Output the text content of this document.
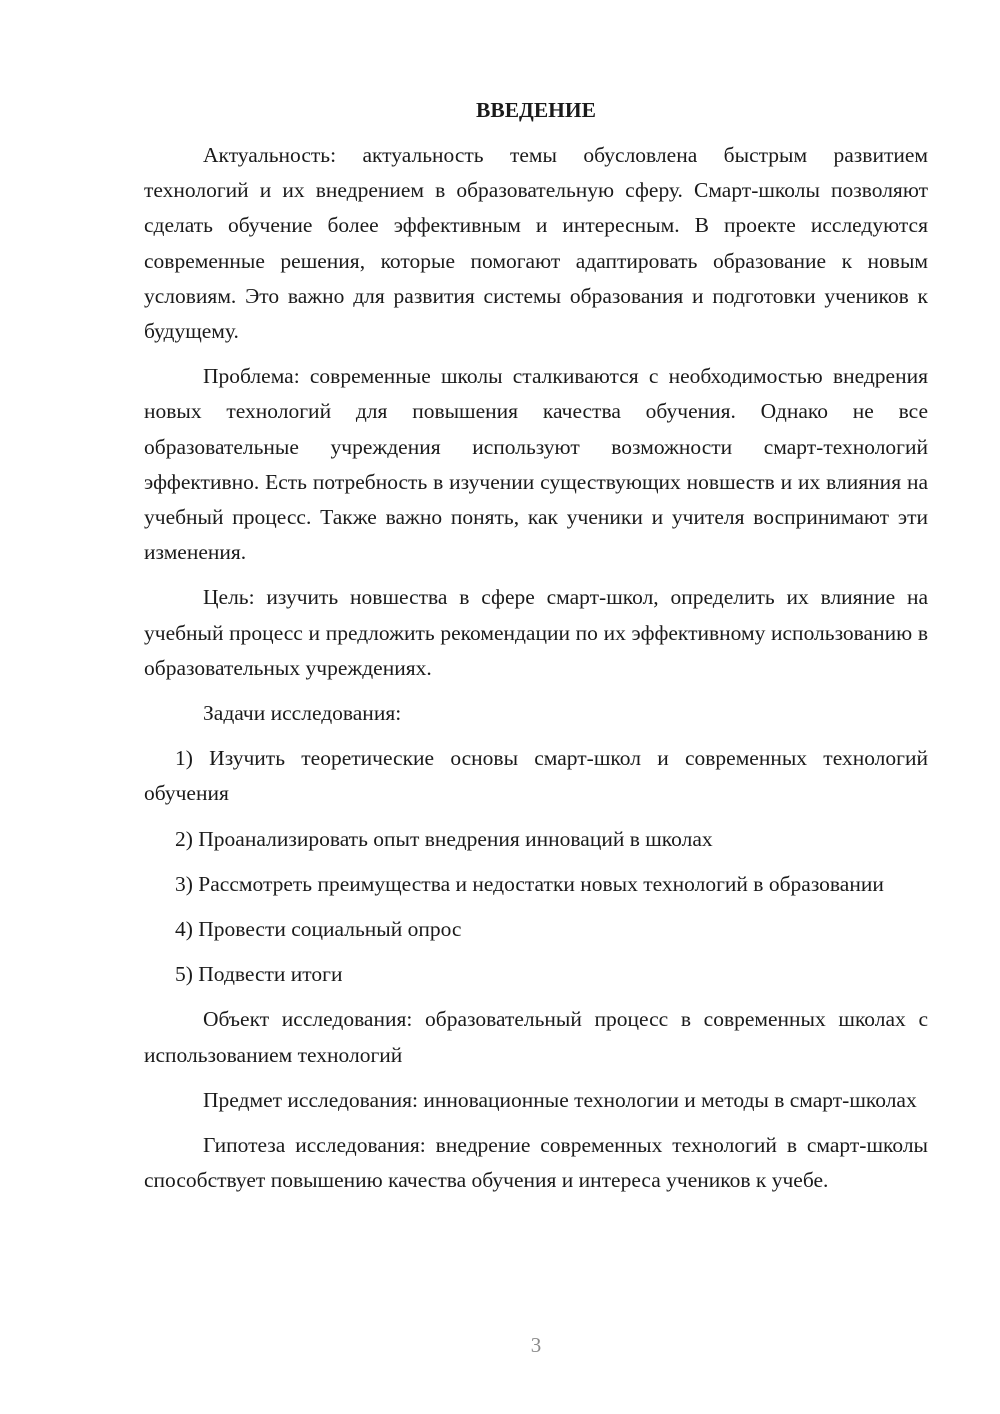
ВВЕДЕНИЕ

Актуальность: актуальность темы обусловлена быстрым развитием технологий и их внедрением в образовательную сферу. Смарт-школы позволяют сделать обучение более эффективным и интересным. В проекте исследуются современные решения, которые помогают адаптировать образование к новым условиям. Это важно для развития системы образования и подготовки учеников к будущему.

Проблема: современные школы сталкиваются с необходимостью внедрения новых технологий для повышения качества обучения. Однако не все образовательные учреждения используют возможности смарт-технологий эффективно. Есть потребность в изучении существующих новшеств и их влияния на учебный процесс. Также важно понять, как ученики и учителя воспринимают эти изменения.

Цель: изучить новшества в сфере смарт-школ, определить их влияние на учебный процесс и предложить рекомендации по их эффективному использованию в образовательных учреждениях.

Задачи исследования:

1) Изучить теоретические основы смарт-школ и современных технологий обучения

2) Проанализировать опыт внедрения инноваций в школах

3) Рассмотреть преимущества и недостатки новых технологий в образовании

4) Провести социальный опрос

5) Подвести итоги

Объект исследования: образовательный процесс в современных школах с использованием технологий

Предмет исследования: инновационные технологии и методы в смарт-школах

Гипотеза исследования: внедрение современных технологий в смарт-школы способствует повышению качества обучения и интереса учеников к учебе.

3
